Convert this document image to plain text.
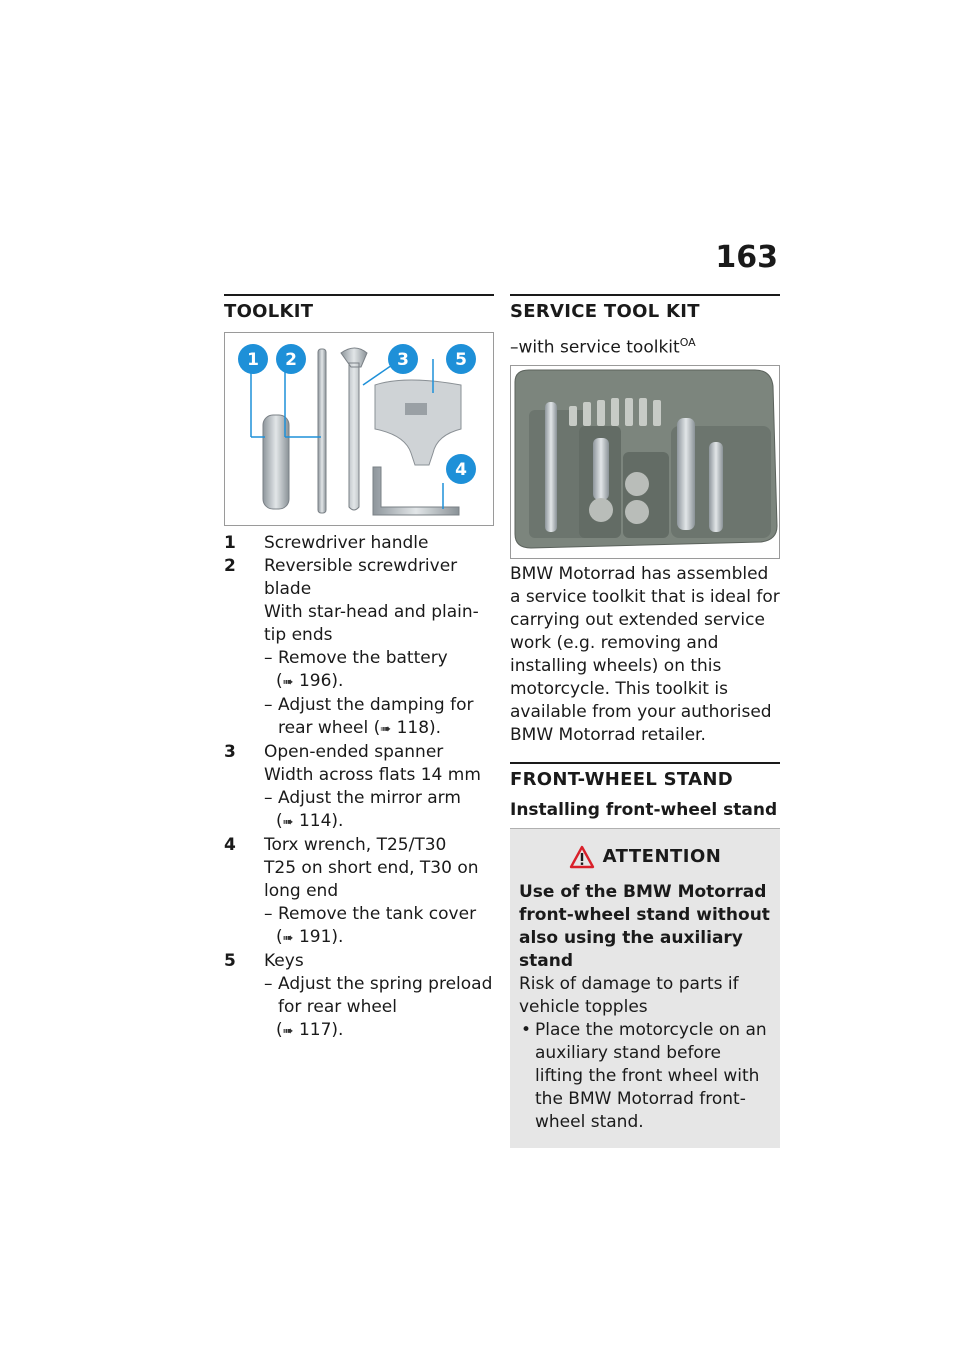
163
TOOLKIT
1 2	3	5
4
1 Screwdriver handle
2 Reversible screwdriver blade
With star-head and plain-tip ends
– Remove the battery
(➠ 196).
– Adjust the damping for rear wheel (➠ 118).
3 Open-ended spanner
Width across flats 14 mm
– Adjust the mirror arm
(➠ 114).
4 Torx wrench, T25/T30
T25 on short end, T30 on long end
– Remove the tank cover
(➠ 191).
5 Keys
– Adjust the spring preload for rear wheel
(➠ 117).
SERVICE TOOL KIT
–with service toolkit$^{OA}$
BMW Motorrad has assembled a service toolkit that is ideal for carrying out extended service work (e.g. removing and installing wheels) on this motorcycle. This toolkit is available from your authorised BMW Motorrad retailer.
FRONT-WHEEL STAND
Installing front-wheel stand
ATTENTION
Use of the BMW Motorrad front-wheel stand without also using the auxiliary stand
Risk of damage to parts if vehicle topples
• Place the motorcycle on an auxiliary stand before lifting the front wheel with the BMW Motorrad front-wheel stand.
